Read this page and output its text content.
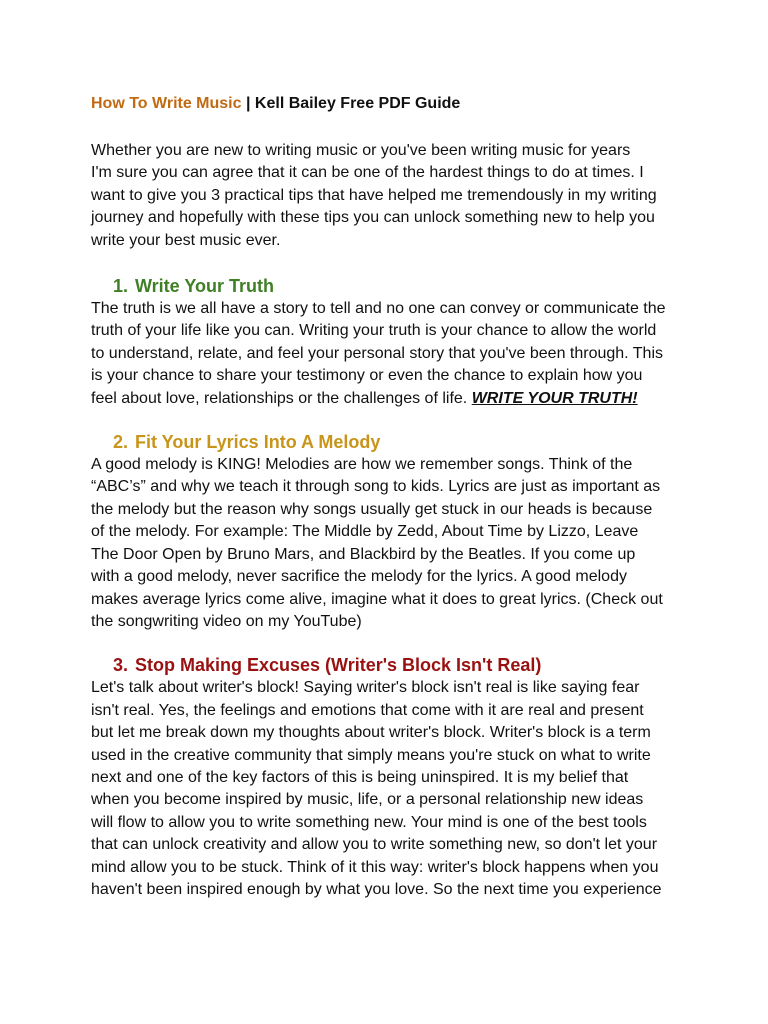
How To Write Music | Kell Bailey Free PDF Guide

Whether you are new to writing music or you've been writing music for years

I'm sure you can agree that it can be one of the hardest things to do at times. I

want to give you 3 practical tips that have helped me tremendously in my writing

journey and hopefully with these tips you can unlock something new to help you

write your best music ever.

1. Write Your Truth

The truth is we all have a story to tell and no one can convey or communicate the

truth of your life like you can. Writing your truth is your chance to allow the world

to understand, relate, and feel your personal story that you've been through. This

is your chance to share your testimony or even the chance to explain how you

feel about love, relationships or the challenges of life. WRITE YOUR TRUTH!

2. Fit Your Lyrics Into A Melody

A good melody is KING! Melodies are how we remember songs. Think of the

“ABC’s” and why we teach it through song to kids. Lyrics are just as important as

the melody but the reason why songs usually get stuck in our heads is because

of the melody. For example: The Middle by Zedd, About Time by Lizzo, Leave

The Door Open by Bruno Mars, and Blackbird by the Beatles. If you come up

with a good melody, never sacrifice the melody for the lyrics. A good melody

makes average lyrics come alive, imagine what it does to great lyrics. (Check out

the songwriting video on my YouTube)

3. Stop Making Excuses (Writer's Block Isn't Real)

Let's talk about writer's block! Saying writer's block isn't real is like saying fear

isn't real. Yes, the feelings and emotions that come with it are real and present

but let me break down my thoughts about writer's block. Writer's block is a term

used in the creative community that simply means you're stuck on what to write

next and one of the key factors of this is being uninspired. It is my belief that

when you become inspired by music, life, or a personal relationship new ideas

will flow to allow you to write something new. Your mind is one of the best tools

that can unlock creativity and allow you to write something new, so don't let your

mind allow you to be stuck. Think of it this way: writer's block happens when you

haven't been inspired enough by what you love. So the next time you experience
